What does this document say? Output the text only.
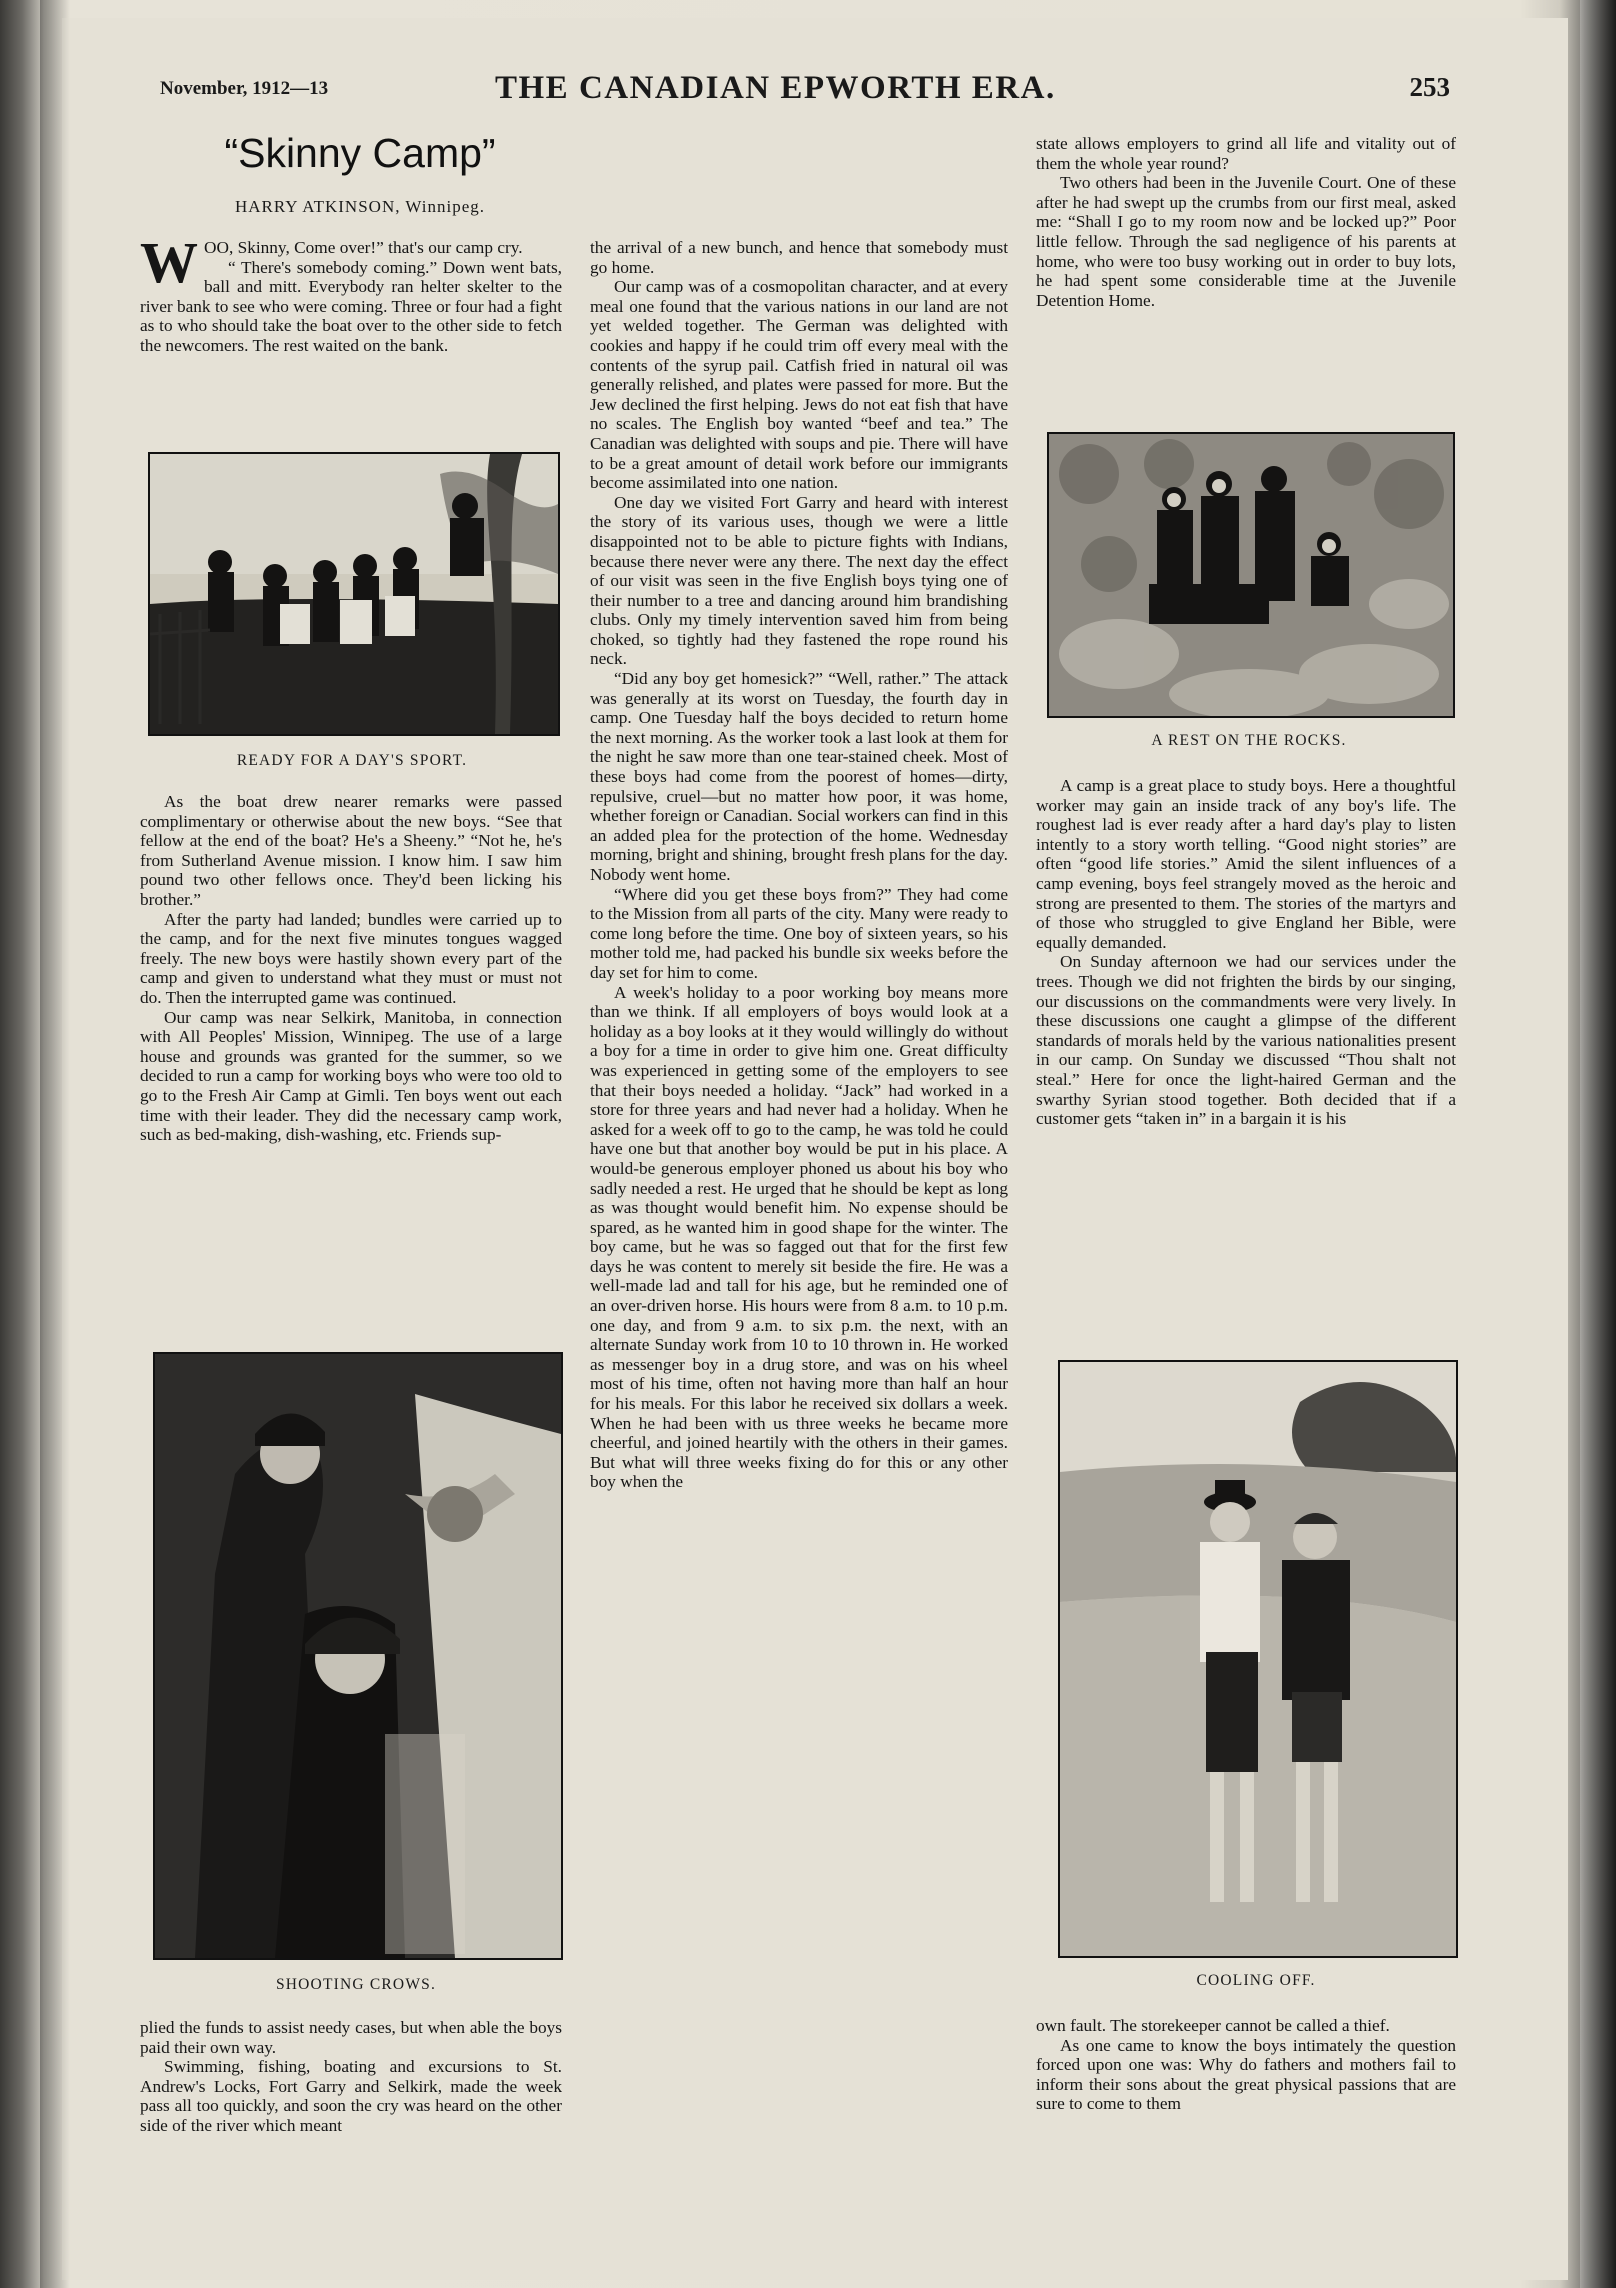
November, 1912—13	THE CANADIAN EPWORTH ERA.	253
“Skinny Camp”
HARRY ATKINSON, Winnipeg.

WOO, Skinny, Come over!” that's our camp cry.

“ There's somebody coming.” Down went bats, ball and mitt. Everybody ran helter skelter to the river bank to see who were coming. Three or four had a fight as to who should take the boat over to the other side to fetch the newcomers. The rest waited on the bank.

READY FOR A DAY'S SPORT.

As the boat drew nearer remarks were passed complimentary or otherwise about the new boys. “See that fellow at the end of the boat? He's a Sheeny.” “Not he, he's from Sutherland Avenue mission. I know him. I saw him pound two other fellows once. They'd been licking his brother.”

After the party had landed; bundles were carried up to the camp, and for the next five minutes tongues wagged freely. The new boys were hastily shown every part of the camp and given to understand what they must or must not do. Then the interrupted game was continued.

Our camp was near Selkirk, Manitoba, in connection with All Peoples' Mission, Winnipeg. The use of a large house and grounds was granted for the summer, so we decided to run a camp for working boys who were too old to go to the Fresh Air Camp at Gimli. Ten boys went out each time with their leader. They did the necessary camp work, such as bed-making, dish-washing, etc. Friends sup-

SHOOTING CROWS.

plied the funds to assist needy cases, but when able the boys paid their own way.

Swimming, fishing, boating and excursions to St. Andrew's Locks, Fort Garry and Selkirk, made the week pass all too quickly, and soon the cry was heard on the other side of the river which meant

the arrival of a new bunch, and hence that somebody must go home.

Our camp was of a cosmopolitan character, and at every meal one found that the various nations in our land are not yet welded together. The German was delighted with cookies and happy if he could trim off every meal with the contents of the syrup pail. Catfish fried in natural oil was generally relished, and plates were passed for more. But the Jew declined the first helping. Jews do not eat fish that have no scales. The English boy wanted “beef and tea.” The Canadian was delighted with soups and pie. There will have to be a great amount of detail work before our immigrants become assimilated into one nation.

One day we visited Fort Garry and heard with interest the story of its various uses, though we were a little disappointed not to be able to picture fights with Indians, because there never were any there. The next day the effect of our visit was seen in the five English boys tying one of their number to a tree and dancing around him brandishing clubs. Only my timely intervention saved him from being choked, so tightly had they fastened the rope round his neck.

“Did any boy get homesick?” “Well, rather.” The attack was generally at its worst on Tuesday, the fourth day in camp. One Tuesday half the boys decided to return home the next morning. As the worker took a last look at them for the night he saw more than one tear-stained cheek. Most of these boys had come from the poorest of homes—dirty, repulsive, cruel—but no matter how poor, it was home, whether foreign or Canadian. Social workers can find in this an added plea for the protection of the home. Wednesday morning, bright and shining, brought fresh plans for the day. Nobody went home.

“Where did you get these boys from?” They had come to the Mission from all parts of the city. Many were ready to come long before the time. One boy of sixteen years, so his mother told me, had packed his bundle six weeks before the day set for him to come.

A week's holiday to a poor working boy means more than we think. If all employers of boys would look at a holiday as a boy looks at it they would willingly do without a boy for a time in order to give him one. Great difficulty was experienced in getting some of the employers to see that their boys needed a holiday. “Jack” had worked in a store for three years and had never had a holiday. When he asked for a week off to go to the camp, he was told he could have one but that another boy would be put in his place. A would-be generous employer phoned us about his boy who sadly needed a rest. He urged that he should be kept as long as was thought would benefit him. No expense should be spared, as he wanted him in good shape for the winter. The boy came, but he was so fagged out that for the first few days he was content to merely sit beside the fire. He was a well-made lad and tall for his age, but he reminded one of an over-driven horse. His hours were from 8 a.m. to 10 p.m. one day, and from 9 a.m. to six p.m. the next, with an alternate Sunday work from 10 to 10 thrown in. He worked as messenger boy in a drug store, and was on his wheel most of his time, often not having more than half an hour for his meals. For this labor he received six dollars a week. When he had been with us three weeks he became more cheerful, and joined heartily with the others in their games. But what will three weeks fixing do for this or any other boy when the

state allows employers to grind all life and vitality out of them the whole year round?

Two others had been in the Juvenile Court. One of these after he had swept up the crumbs from our first meal, asked me: “Shall I go to my room now and be locked up?” Poor little fellow. Through the sad negligence of his parents at home, who were too busy working out in order to buy lots, he had spent some considerable time at the Juvenile Detention Home.

A REST ON THE ROCKS.

A camp is a great place to study boys. Here a thoughtful worker may gain an inside track of any boy's life. The roughest lad is ever ready after a hard day's play to listen intently to a story worth telling. “Good night stories” are often “good life stories.” Amid the silent influences of a camp evening, boys feel strangely moved as the heroic and strong are presented to them. The stories of the martyrs and of those who struggled to give England her Bible, were equally demanded.

On Sunday afternoon we had our services under the trees. Though we did not frighten the birds by our singing, our discussions on the commandments were very lively. In these discussions one caught a glimpse of the different standards of morals held by the various nationalities present in our camp. On Sunday we discussed “Thou shalt not steal.” Here for once the light-haired German and the swarthy Syrian stood together. Both decided that if a customer gets “taken in” in a bargain it is his

COOLING OFF.

own fault. The storekeeper cannot be called a thief.

As one came to know the boys intimately the question forced upon one was: Why do fathers and mothers fail to inform their sons about the great physical passions that are sure to come to them
